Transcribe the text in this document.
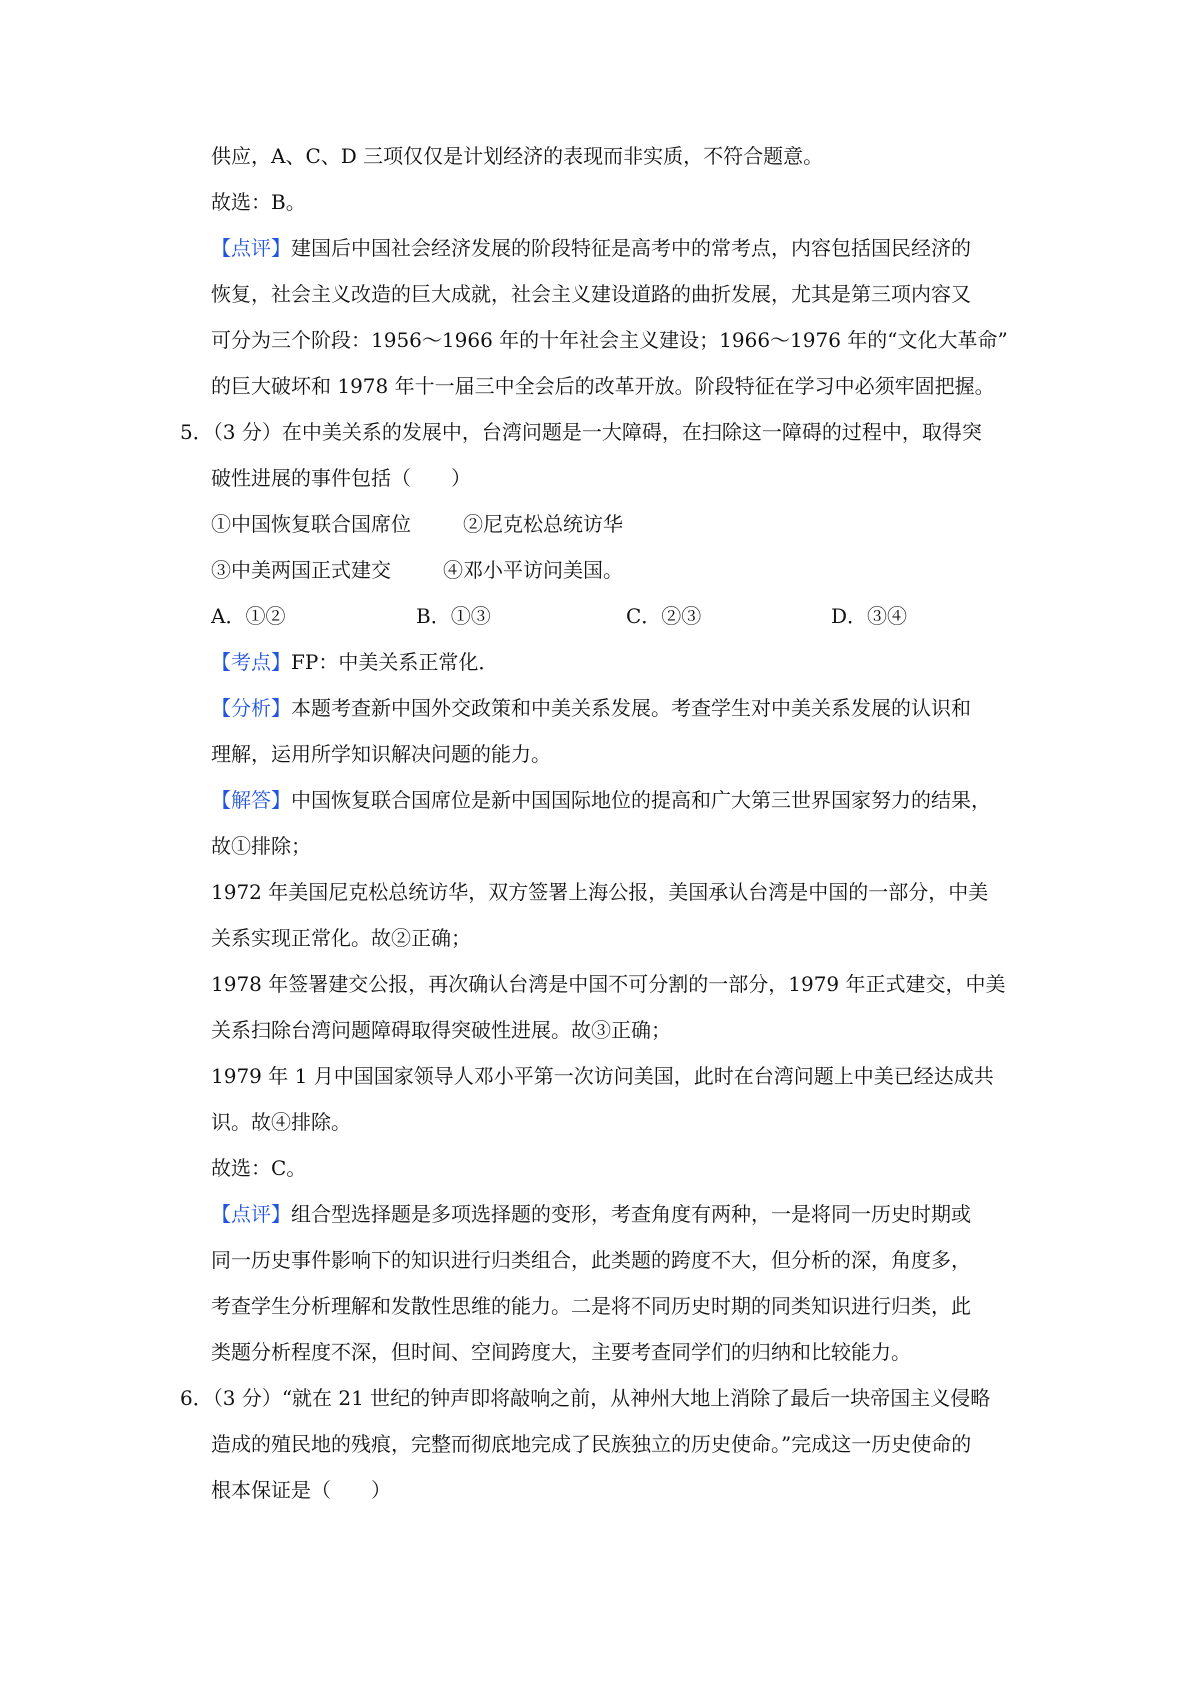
供应，A、C、D 三项仅仅是计划经济的表现而非实质，不符合题意。
故选：B。
【点评】建国后中国社会经济发展的阶段特征是高考中的常考点，内容包括国民经济的
恢复，社会主义改造的巨大成就，社会主义建设道路的曲折发展，尤其是第三项内容又
可分为三个阶段：1956～1966 年的十年社会主义建设；1966～1976 年的“文化大革命”
的巨大破坏和 1978 年十一届三中全会后的改革开放。阶段特征在学习中必须牢固把握。
5．（3 分）在中美关系的发展中，台湾问题是一大障碍，在扫除这一障碍的过程中，取得突
破性进展的事件包括（　　）
①中国恢复联合国席位	②尼克松总统访华
③中美两国正式建交	④邓小平访问美国。
A．①②	B．①③	C．②③	D．③④
【考点】FP：中美关系正常化．
【分析】本题考查新中国外交政策和中美关系发展。考查学生对中美关系发展的认识和
理解，运用所学知识解决问题的能力。
【解答】中国恢复联合国席位是新中国国际地位的提高和广大第三世界国家努力的结果，
故①排除；
1972 年美国尼克松总统访华，双方签署上海公报，美国承认台湾是中国的一部分，中美
关系实现正常化。故②正确；
1978 年签署建交公报，再次确认台湾是中国不可分割的一部分，1979 年正式建交，中美
关系扫除台湾问题障碍取得突破性进展。故③正确；
1979 年 1 月中国国家领导人邓小平第一次访问美国，此时在台湾问题上中美已经达成共
识。故④排除。
故选：C。
【点评】组合型选择题是多项选择题的变形，考查角度有两种，一是将同一历史时期或
同一历史事件影响下的知识进行归类组合，此类题的跨度不大，但分析的深，角度多，
考查学生分析理解和发散性思维的能力。二是将不同历史时期的同类知识进行归类，此
类题分析程度不深，但时间、空间跨度大，主要考查同学们的归纳和比较能力。
6．（3 分）“就在 21 世纪的钟声即将敲响之前，从神州大地上消除了最后一块帝国主义侵略
造成的殖民地的残痕，完整而彻底地完成了民族独立的历史使命。”完成这一历史使命的
根本保证是（　　）
